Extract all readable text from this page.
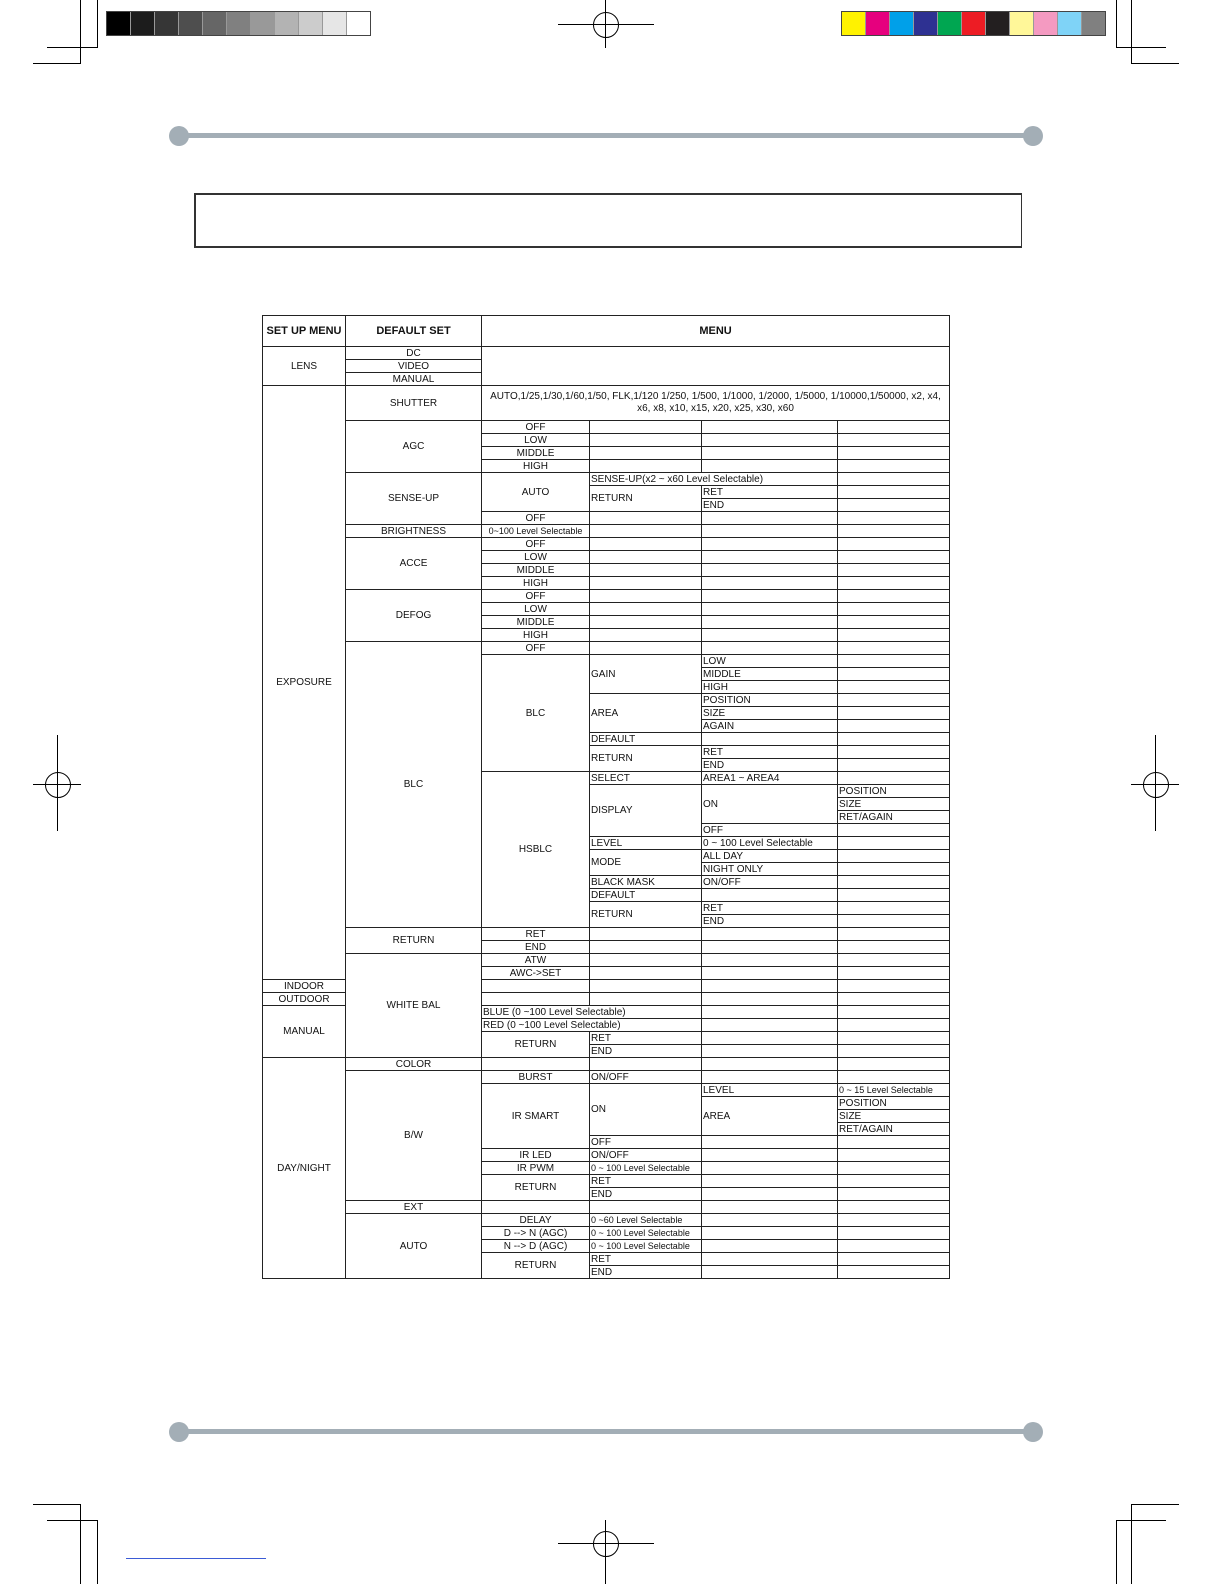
SET UP MENU	DEFAULT SET	MENU				
LENS	DC					
	VIDEO					
	MANUAL					
EXPOSURE	SHUTTER	AUTO,1/25,1/30,1/60,1/50, FLK,1/120 1/250, 1/500, 1/1000, 1/2000, 1/5000, 1/10000,1/50000, x2, x4, x6, x8, x10, x15, x20, x25, x30, x60				
	AGC	OFF				
		LOW				
		MIDDLE				
		HIGH				
	SENSE-UP	AUTO	SENSE-UP(x2 ~ x60 Level Selectable)			
			RETURN	RET		
				END		
		OFF				
	BRIGHTNESS	0~100 Level Selectable				
	ACCE	OFF				
		LOW				
		MIDDLE				
		HIGH				
	DEFOG	OFF				
		LOW				
		MIDDLE				
		HIGH				
	BLC	OFF				
		BLC	GAIN	LOW		
				MIDDLE		
				HIGH		
			AREA	POSITION		
				SIZE		
				AGAIN		
			DEFAULT			
			RETURN	RET		
				END		
		HSBLC	SELECT	AREA1 ~ AREA4		
			DISPLAY	ON	POSITION	
					SIZE	
					RET/AGAIN	
				OFF		
			LEVEL	0 ~ 100 Level Selectable		
			MODE	ALL DAY		
				NIGHT ONLY		
			BLACK MASK	ON/OFF		
			DEFAULT			
			RETURN	RET		
				END		
	RETURN	RET				
		END				
	WHITE BAL	ATW				
		AWC->SET				
INDOOR						
OUTDOOR						
MANUAL		BLUE (0 ~100 Level Selectable)				
		RED (0 ~100 Level Selectable)				
		RETURN	RET			
			END			
DAY/NIGHT	COLOR					
	B/W	BURST	ON/OFF			
		IR SMART	ON	LEVEL	0 ~ 15 Level Selectable	
				AREA	POSITION	
					SIZE	
					RET/AGAIN	
			OFF			
		IR LED	ON/OFF			
		IR PWM	0 ~ 100 Level Selectable			
		RETURN	RET			
			END			
	EXT					
	AUTO	DELAY	0 ~60 Level Selectable			
		D --> N (AGC)	0 ~ 100 Level Selectable			
		N --> D (AGC)	0 ~ 100 Level Selectable			
		RETURN	RET			
			END			
